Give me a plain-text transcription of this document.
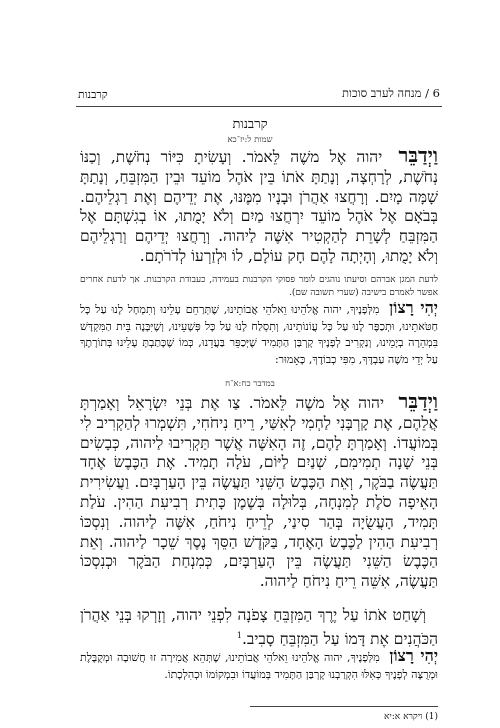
קרבנות	6 / מנחה לערב סוכות
קרבנות
שמות ל:יז־כא
וַיְדַבֵּר יהוה אֶל משֶׁה לֵּאמֹר. וְעָשִׂיתָ כִּיּוֹר נְחֹשֶׁת, וְכַנּוֹ נְחֹשֶׁת, לְרָחְצָה, וְנָתַתָּ אֹתוֹ בֵּין אֹהֶל מוֹעֵד וּבֵין הַמִּזְבֵּחַ, וְנָתַתָּ שָׁמָּה מָיִם. וְרָחֲצוּ אַהֲרֹן וּבָנָיו מִמֶּנּוּ, אֶת יְדֵיהֶם וְאֶת רַגְלֵיהֶם. בְּבֹאָם אֶל אֹהֶל מוֹעֵד יִרְחֲצוּ מַיִם וְלֹא יָמֻתוּ, אוֹ בְגִשְׁתָּם אֶל הַמִּזְבֵּחַ לְשָׁרֵת לְהַקְטִיר אִשֶּׁה לַיהוה. וְרָחֲצוּ יְדֵיהֶם וְרַגְלֵיהֶם וְלֹא יָמֻתוּ, וְהָיְתָה לָהֶם חָק עוֹלָם, לוֹ וּלְזַרְעוֹ לְדֹרֹתָם.
לדעת המגן אברהם וסיעתו נוהגים לומר פסוקי הקרבנות בעמידה, כעבודת הקרבנות. אך לדעת אחרים אפשר לאמרם בישיבה (שערי תשובה שם).
יְהִי רָצוֹן מִלְּפָנֶיךָ, יהוה אֱלֹהֵינוּ וֵאלֹהֵי אֲבוֹתֵינוּ, שֶׁתְּרַחֵם עָלֵינוּ וְתִמְחָל לָנוּ עַל כָּל חַטֹּאתֵינוּ, וּתְכַפֶּר לָנוּ עַל כָּל עֲוֹנוֹתֵינוּ, וְתִסְלַח לָנוּ עַל כָּל פְּשָׁעֵינוּ, וְשֶׁיִּבָּנֶה בֵּית הַמִּקְדָּשׁ בִּמְהֵרָה בְיָמֵינוּ, וְנַקְרִיב לְפָנֶיךָ קָרְבַּן הַתָּמִיד שֶׁיְּכַפֵּר בַּעֲדֵנוּ, כְּמוֹ שֶׁכָּתַבְתָּ עָלֵינוּ בְּתוֹרָתֶךָ עַל יְדֵי משֶׁה עַבְדֶּךָ, מִפִּי כְבוֹדֶךָ, כָּאָמוּר:
במדבר כח:א־ח
וַיְדַבֵּר יהוה אֶל משֶׁה לֵּאמֹר. צַו אֶת בְּנֵי יִשְׂרָאֵל וְאָמַרְתָּ אֲלֵהֶם, אֶת קָרְבָּנִי לַחְמִי לְאִשַּׁי, רֵיחַ נִיחֹחִי, תִּשְׁמְרוּ לְהַקְרִיב לִי בְּמוֹעֲדוֹ. וְאָמַרְתָּ לָהֶם, זֶה הָאִשֶּׁה אֲשֶׁר תַּקְרִיבוּ לַיהוה, כְּבָשִׂים בְּנֵי שָׁנָה תְמִימִם, שְׁנַיִם לַיּוֹם, עֹלָה תָמִיד. אֶת הַכֶּבֶשׂ אֶחָד תַּעֲשֶׂה בַבֹּקֶר, וְאֵת הַכֶּבֶשׂ הַשֵּׁנִי תַּעֲשֶׂה בֵּין הָעַרְבָּיִם. וַעֲשִׂירִית הָאֵיפָה סֹלֶת לְמִנְחָה, בְּלוּלָה בְּשֶׁמֶן כָּתִית רְבִיעִת הַהִין. עֹלַת תָּמִיד, הָעֲשֻׂיָה בְּהַר סִינַי, לְרֵיחַ נִיחֹחַ, אִשֶּׁה לַיהוה. וְנִסְכּוֹ רְבִיעִת הַהִין לַכֶּבֶשׂ הָאֶחָד, בַּקֹּדֶשׁ הַסֵּךְ נֶסֶךְ שֵׁכָר לַיהוה. וְאֵת הַכֶּבֶשׂ הַשֵּׁנִי תַּעֲשֶׂה בֵּין הָעַרְבָּיִם, כְּמִנְחַת הַבֹּקֶר וּכְנִסְכּוֹ תַּעֲשֶׂה, אִשֵּׁה רֵיחַ נִיחֹחַ לַיהוה.
וְשָׁחַט אֹתוֹ עַל יֶרֶךְ הַמִּזְבֵּחַ צָפֹנָה לִפְנֵי יהוה, וְזָרְקוּ בְּנֵי אַהֲרֹן הַכֹּהֲנִים אֶת דָּמוֹ עַל הַמִּזְבֵּחַ סָבִיב.$^1$
יְהִי רָצוֹן מִלְּפָנֶיךָ, יהוה אֱלֹהֵינוּ וֵאלֹהֵי אֲבוֹתֵינוּ, שֶׁתְּהֵא אֲמִירָה זוּ חֲשׁוּבָה וּמְקֻבֶּלֶת וּמְרֻצָּה לְפָנֶיךָ כְּאִלּוּ הִקְרַבְנוּ קָרְבַּן הַתָּמִיד בְּמוֹעֲדוֹ וּבִמְקוֹמוֹ וּכְהִלְכָתוֹ.
(1) ויקרא א:יא
